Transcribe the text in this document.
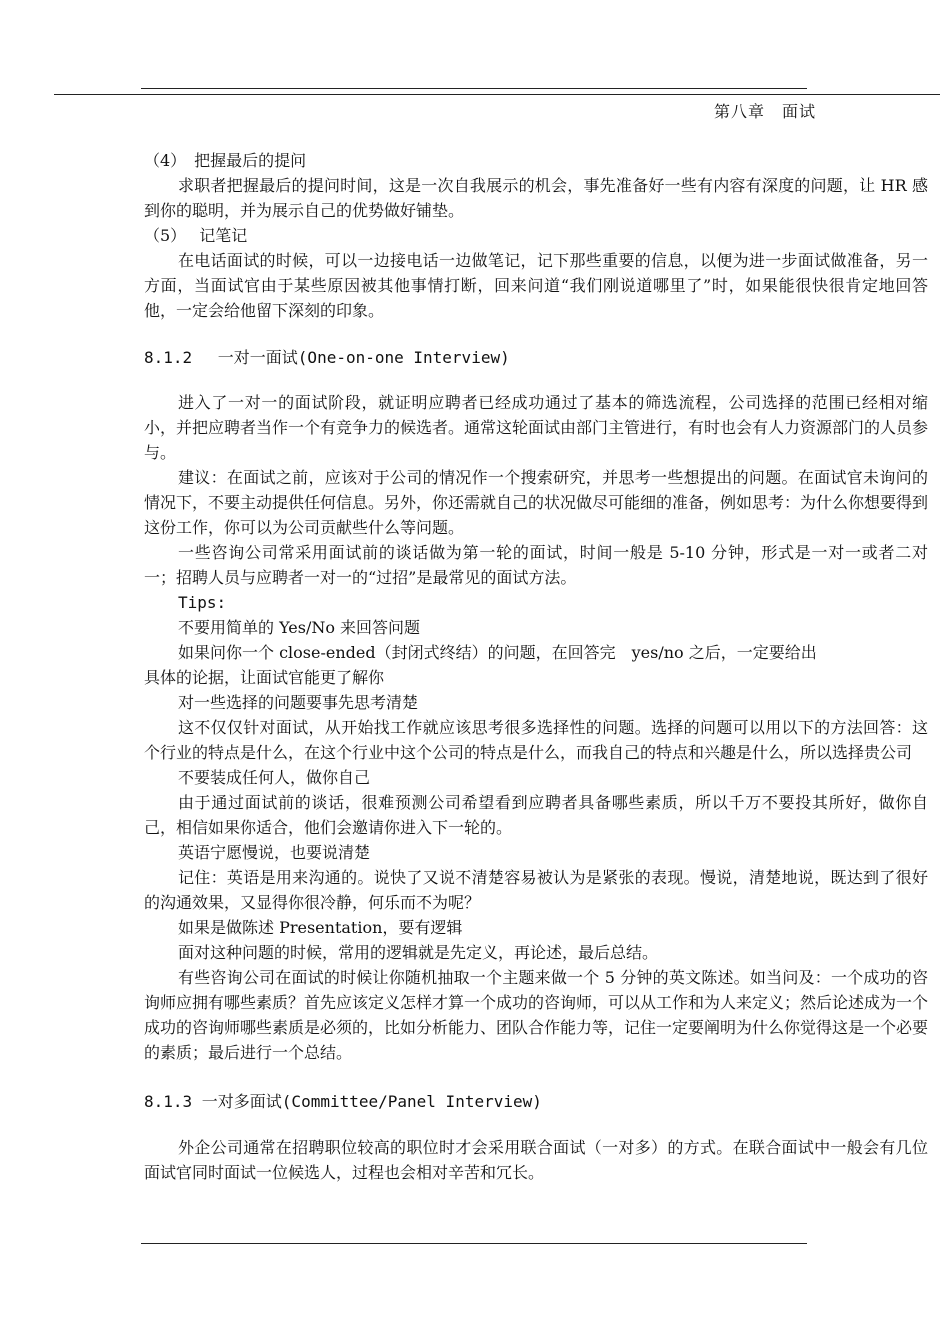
第八章　面试

（4）　把握最后的提问

求职者把握最后的提问时间，这是一次自我展示的机会，事先准备好一些有内容有深度的问题，让 HR 感到你的聪明，并为展示自己的优势做好铺垫。

（5）　 记笔记

在电话面试的时候，可以一边接电话一边做笔记，记下那些重要的信息，以便为进一步面试做准备，另一方面，当面试官由于某些原因被其他事情打断，回来问道“我们刚说道哪里了”时，如果能很快很肯定地回答他，一定会给他留下深刻的印象。

8.1.2　 一对一面试(One-on-one Interview)

进入了一对一的面试阶段，就证明应聘者已经成功通过了基本的筛选流程，公司选择的范围已经相对缩小，并把应聘者当作一个有竞争力的候选者。通常这轮面试由部门主管进行，有时也会有人力资源部门的人员参与。

建议：在面试之前，应该对于公司的情况作一个搜索研究，并思考一些想提出的问题。在面试官未询问的情况下，不要主动提供任何信息。另外，你还需就自己的状况做尽可能细的准备，例如思考：为什么你想要得到这份工作，你可以为公司贡献些什么等问题。

一些咨询公司常采用面试前的谈话做为第一轮的面试，时间一般是 5-10 分钟，形式是一对一或者二对一；招聘人员与应聘者一对一的“过招”是最常见的面试方法。

Tips:

不要用简单的 Yes/No 来回答问题

如果问你一个 close-ended（封闭式终结）的问题，在回答完　yes/no 之后，一定要给出

具体的论据，让面试官能更了解你

对一些选择的问题要事先思考清楚

这不仅仅针对面试，从开始找工作就应该思考很多选择性的问题。选择的问题可以用以下的方法回答：这个行业的特点是什么，在这个行业中这个公司的特点是什么，而我自己的特点和兴趣是什么，所以选择贵公司

不要装成任何人，做你自己

由于通过面试前的谈话，很难预测公司希望看到应聘者具备哪些素质，所以千万不要投其所好，做你自己，相信如果你适合，他们会邀请你进入下一轮的。

英语宁愿慢说，也要说清楚

记住：英语是用来沟通的。说快了又说不清楚容易被认为是紧张的表现。慢说，清楚地说，既达到了很好的沟通效果，又显得你很冷静，何乐而不为呢？

如果是做陈述 Presentation，要有逻辑

面对这种问题的时候，常用的逻辑就是先定义，再论述，最后总结。

有些咨询公司在面试的时候让你随机抽取一个主题来做一个 5 分钟的英文陈述。如当问及：一个成功的咨询师应拥有哪些素质？首先应该定义怎样才算一个成功的咨询师，可以从工作和为人来定义；然后论述成为一个成功的咨询师哪些素质是必须的，比如分析能力、团队合作能力等，记住一定要阐明为什么你觉得这是一个必要的素质；最后进行一个总结。

8.1.3 一对多面试(Committee/Panel Interview)

外企公司通常在招聘职位较高的职位时才会采用联合面试（一对多）的方式。在联合面试中一般会有几位面试官同时面试一位候选人，过程也会相对辛苦和冗长。
